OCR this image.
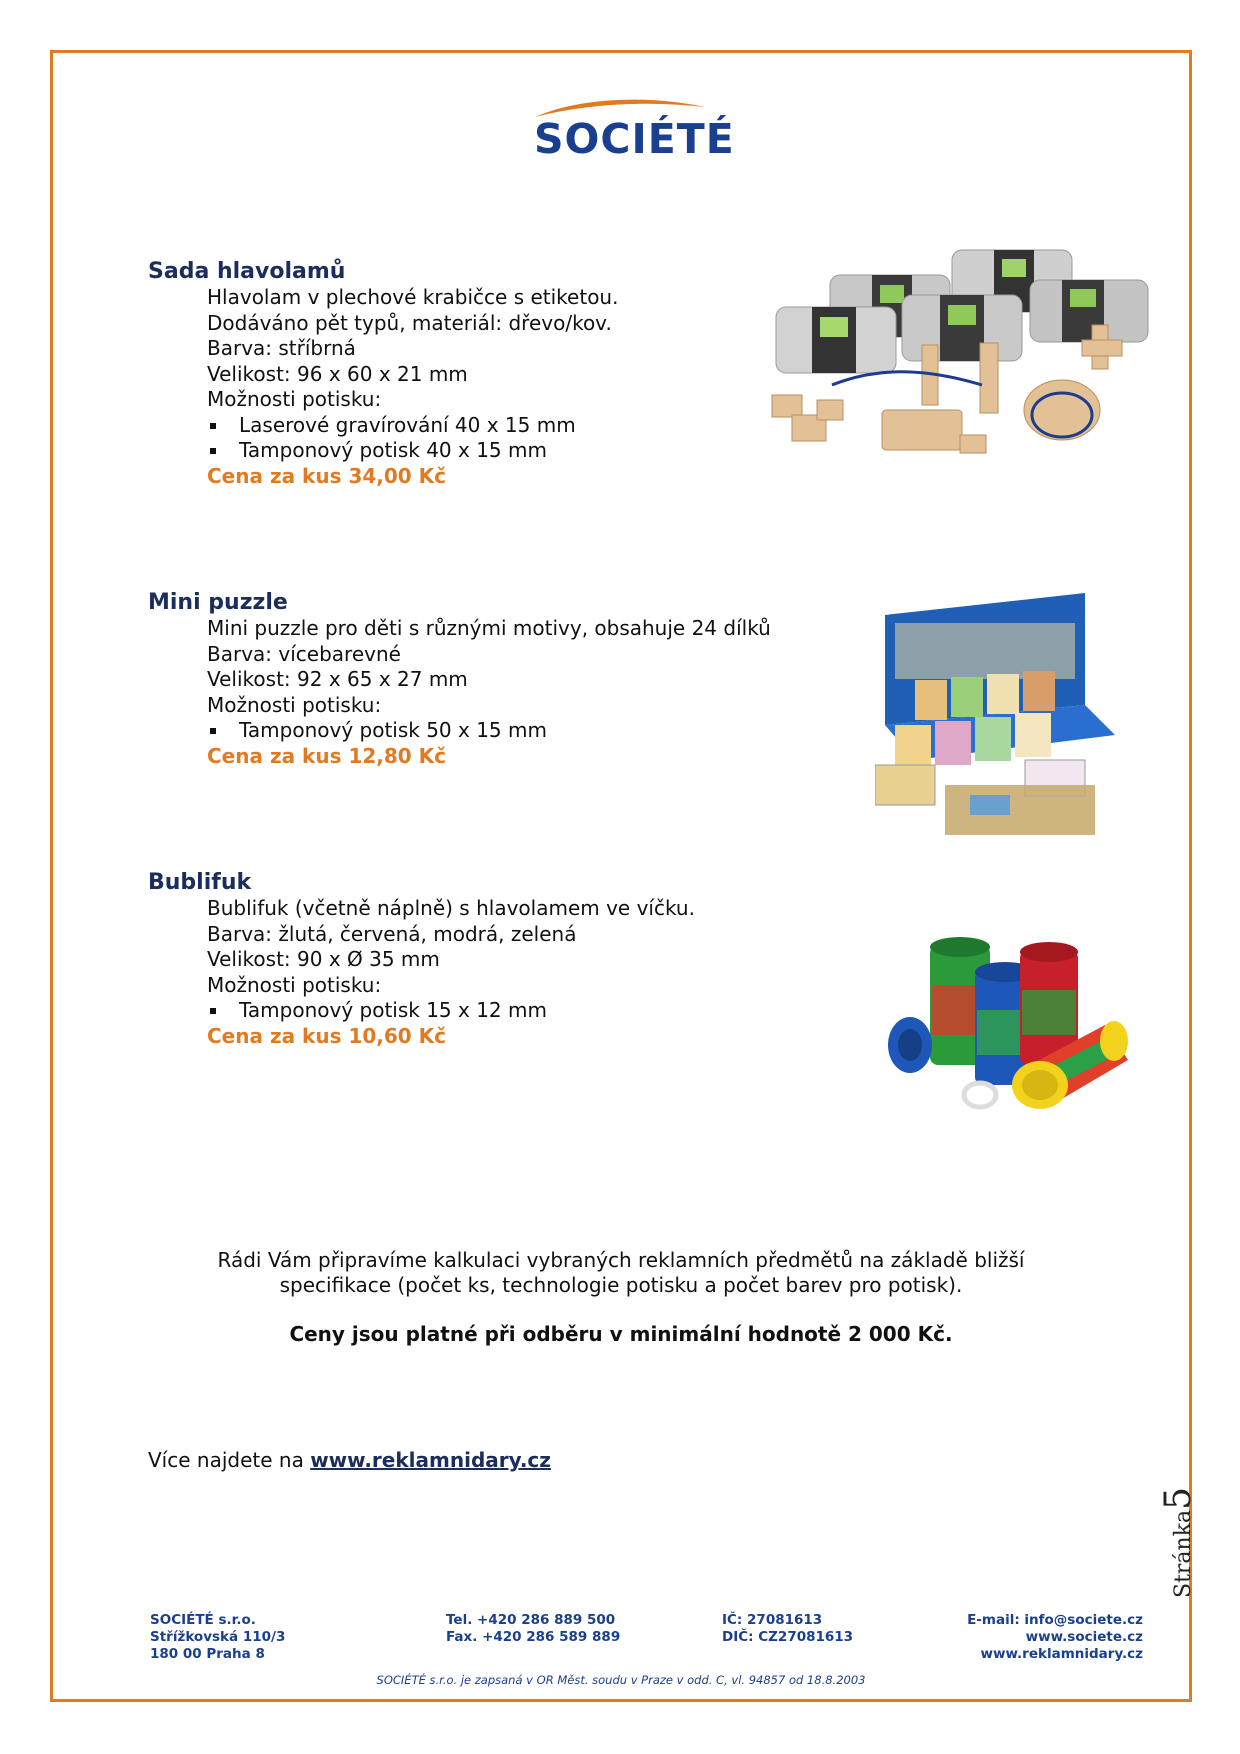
SOCIÉTÉ
Sada hlavolamů
Hlavolam v plechové krabičce s etiketou.
Dodáváno pět typů, materiál: dřevo/kov.
Barva: stříbrná
Velikost: 96 x 60 x 21 mm
Možnosti potisku:
Laserové gravírování 40 x 15 mm
Tamponový potisk 40 x 15 mm
Cena za kus 34,00 Kč
Mini puzzle
Mini puzzle pro děti s různými motivy, obsahuje 24 dílků
Barva: vícebarevné
Velikost: 92 x 65 x 27 mm
Možnosti potisku:
Tamponový potisk 50 x 15 mm
Cena za kus 12,80 Kč
Bublifuk
Bublifuk (včetně náplně) s hlavolamem ve víčku.
Barva: žlutá, červená, modrá, zelená
Velikost: 90 x Ø 35 mm
Možnosti potisku:
Tamponový potisk 15 x 12 mm
Cena za kus 10,60 Kč
Rádi Vám připravíme kalkulaci vybraných reklamních předmětů na základě bližší
specifikace (počet ks, technologie potisku a počet barev pro potisk).
Ceny jsou platné při odběru v minimální hodnotě 2 000 Kč.
Více najdete na www.reklamnidary.cz
Stránka5
SOCIÉTÉ s.r.o.
Střížkovská 110/3
180 00 Praha 8
Tel. +420 286 889 500
Fax. +420 286 589 889
IČ: 27081613
DIČ: CZ27081613
E-mail: info@societe.cz
www.societe.cz
www.reklamnidary.cz
SOCIÉTÉ s.r.o. je zapsaná v OR Měst. soudu v Praze v odd. C, vl. 94857 od 18.8.2003
